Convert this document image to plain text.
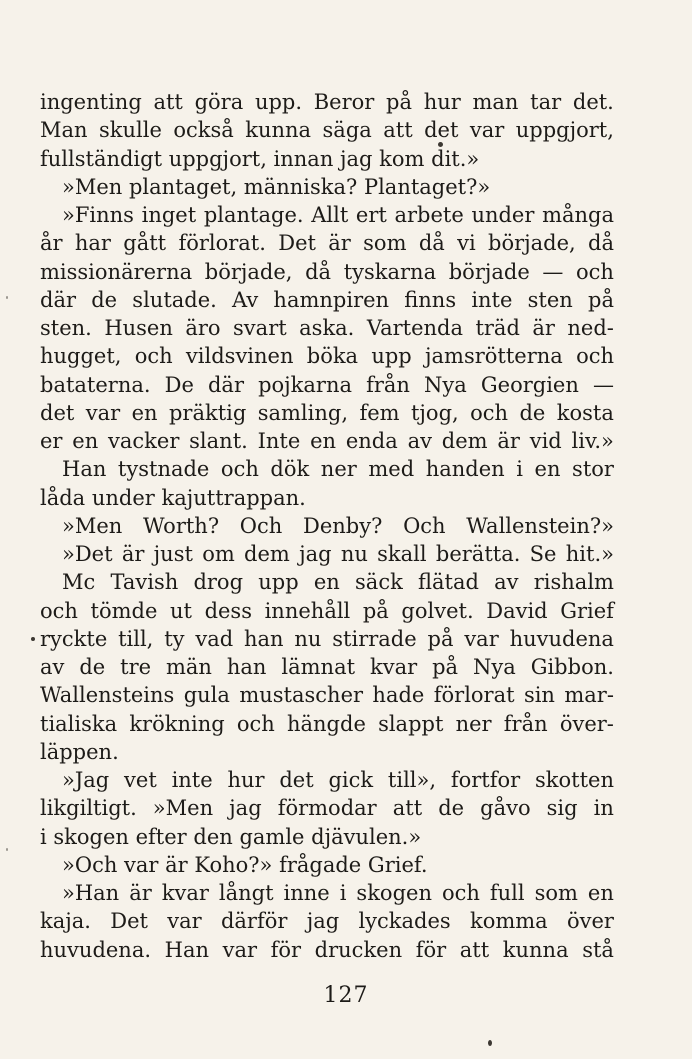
ingenting att göra upp. Beror på hur man tar det.
Man skulle också kunna säga att det var uppgjort,
fullständigt uppgjort, innan jag kom dit.»
»Men plantaget, människa? Plantaget?»
»Finns inget plantage. Allt ert arbete under många
år har gått förlorat. Det är som då vi började, då
missionärerna började, då tyskarna började — och
där de slutade. Av hamnpiren finns inte sten på
sten. Husen äro svart aska. Vartenda träd är ned-
hugget, och vildsvinen böka upp jamsrötterna och
bataterna. De där pojkarna från Nya Georgien —
det var en präktig samling, fem tjog, och de kosta
er en vacker slant. Inte en enda av dem är vid liv.»
Han tystnade och dök ner med handen i en stor
låda under kajuttrappan.
»Men Worth? Och Denby? Och Wallenstein?»
»Det är just om dem jag nu skall berätta. Se hit.»
Mc Tavish drog upp en säck flätad av rishalm
och tömde ut dess innehåll på golvet. David Grief
ryckte till, ty vad han nu stirrade på var huvudena
av de tre män han lämnat kvar på Nya Gibbon.
Wallensteins gula mustascher hade förlorat sin mar-
tialiska krökning och hängde slappt ner från över-
läppen.
»Jag vet inte hur det gick till», fortfor skotten
likgiltigt. »Men jag förmodar att de gåvo sig in
i skogen efter den gamle djävulen.»
»Och var är Koho?» frågade Grief.
»Han är kvar långt inne i skogen och full som en
kaja. Det var därför jag lyckades komma över
huvudena. Han var för drucken för att kunna stå
127
